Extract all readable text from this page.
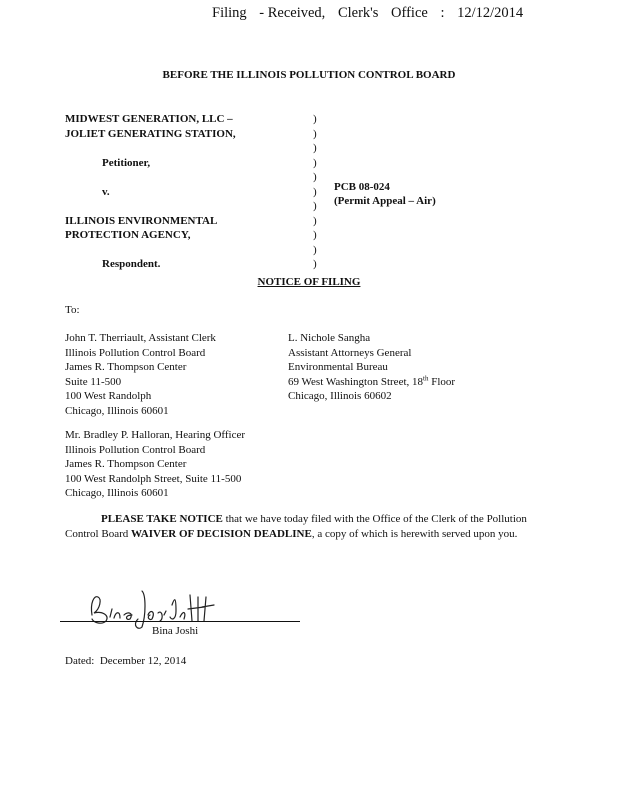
Filing - Received, Clerk's Office : 12/12/2014
BEFORE THE ILLINOIS POLLUTION CONTROL BOARD
MIDWEST GENERATION, LLC –
JOLIET GENERATING STATION,
Petitioner,
v.
ILLINOIS ENVIRONMENTAL
PROTECTION AGENCY,
Respondent.
)
)
)
)
)
)
)
)
)
)
)
PCB 08-024
(Permit Appeal – Air)
NOTICE OF FILING
To:
John T. Therriault, Assistant Clerk
Illinois Pollution Control Board
James R. Thompson Center
Suite 11-500
100 West Randolph
Chicago, Illinois 60601
L. Nichole Sangha
Assistant Attorneys General
Environmental Bureau
69 West Washington Street, 18th Floor
Chicago, Illinois 60602
Mr. Bradley P. Halloran, Hearing Officer
Illinois Pollution Control Board
James R. Thompson Center
100 West Randolph Street, Suite 11-500
Chicago, Illinois 60601
PLEASE TAKE NOTICE that we have today filed with the Office of the Clerk of the Pollution Control Board WAIVER OF DECISION DEADLINE, a copy of which is herewith served upon you.
Bina Joshi
Dated: December 12, 2014
